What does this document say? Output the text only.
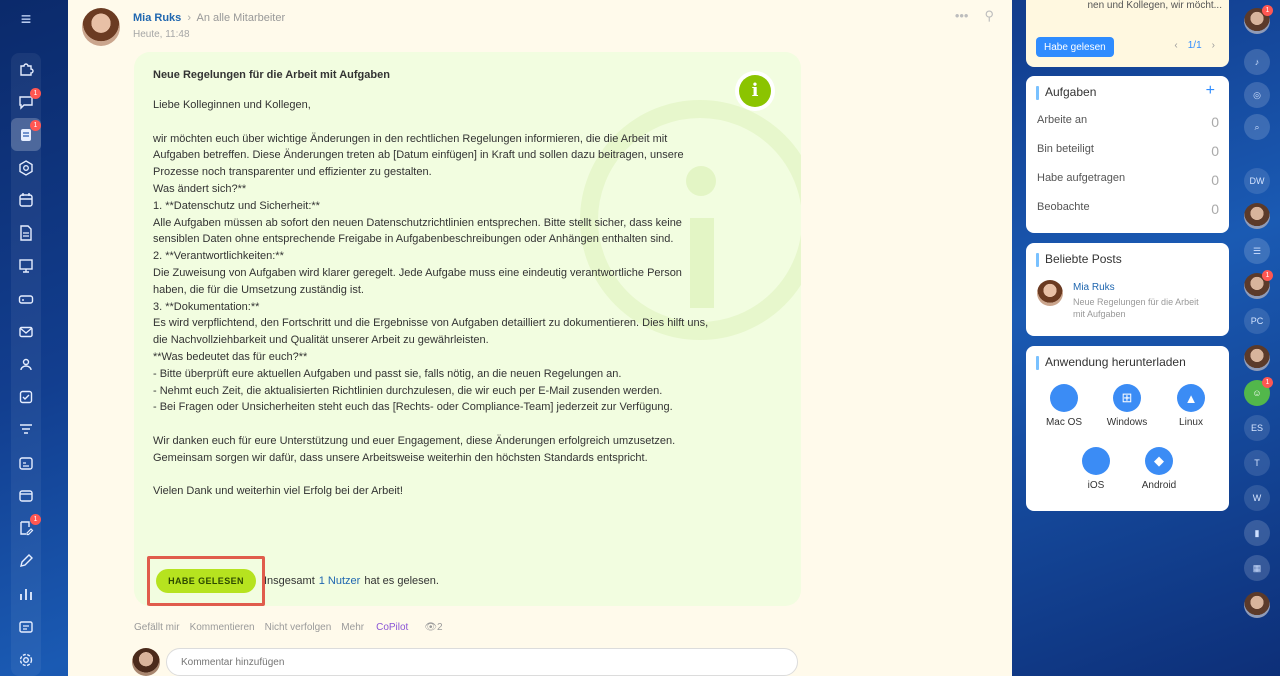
≡
1
1
1
Mia Ruks › An alle Mitarbeiter
Heute, 11:48
••• ⚲
i
Neue Regelungen für die Arbeit mit Aufgaben

Liebe Kolleginnen und Kollegen,

wir möchten euch über wichtige Änderungen in den rechtlichen Regelungen informieren, die die Arbeit mit Aufgaben betreffen. Diese Änderungen treten ab [Datum einfügen] in Kraft und sollen dazu beitragen, unsere Prozesse noch transparenter und effizienter zu gestalten.
Was ändert sich?**
1. **Datenschutz und Sicherheit:**
Alle Aufgaben müssen ab sofort den neuen Datenschutzrichtlinien entsprechen. Bitte stellt sicher, dass keine sensiblen Daten ohne entsprechende Freigabe in Aufgabenbeschreibungen oder Anhängen enthalten sind.
2. **Verantwortlichkeiten:**
Die Zuweisung von Aufgaben wird klarer geregelt. Jede Aufgabe muss eine eindeutig verantwortliche Person haben, die für die Umsetzung zuständig ist.
3. **Dokumentation:**
Es wird verpflichtend, den Fortschritt und die Ergebnisse von Aufgaben detailliert zu dokumentieren. Dies hilft uns, die Nachvollziehbarkeit und Qualität unserer Arbeit zu gewährleisten.
**Was bedeutet das für euch?**
- Bitte überprüft eure aktuellen Aufgaben und passt sie, falls nötig, an die neuen Regelungen an.
- Nehmt euch Zeit, die aktualisierten Richtlinien durchzulesen, die wir euch per E-Mail zusenden werden.
- Bei Fragen oder Unsicherheiten steht euch das [Rechts- oder Compliance-Team] jederzeit zur Verfügung.

Wir danken euch für eure Unterstützung und euer Engagement, diese Änderungen erfolgreich umzusetzen. Gemeinsam sorgen wir dafür, dass unsere Arbeitsweise weiterhin den höchsten Standards entspricht.

Vielen Dank und weiterhin viel Erfolg bei der Arbeit!

HABE GELESEN	Insgesamt 1 Nutzer hat es gelesen.
Gefällt mir Kommentieren Nicht verfolgen Mehr CoPilot 👁2
Kommentar hinzufügen
nen und Kollegen, wir möcht...
Habe gelesen	‹ 1/1 ›
Aufgaben	+
Arbeite an	0
Bin beteiligt	0
Habe aufgetragen	0
Beobachte	0
Beliebte Posts
Mia Ruks
Neue Regelungen für die Arbeit mit Aufgaben
Anwendung herunterladen
Mac OS
⊞
Windows
▲
Linux
iOS
◆
Android
1
♪
◎
⌕
DW
☰
1
PC
☺
1
ES
T
W
▮
▦
